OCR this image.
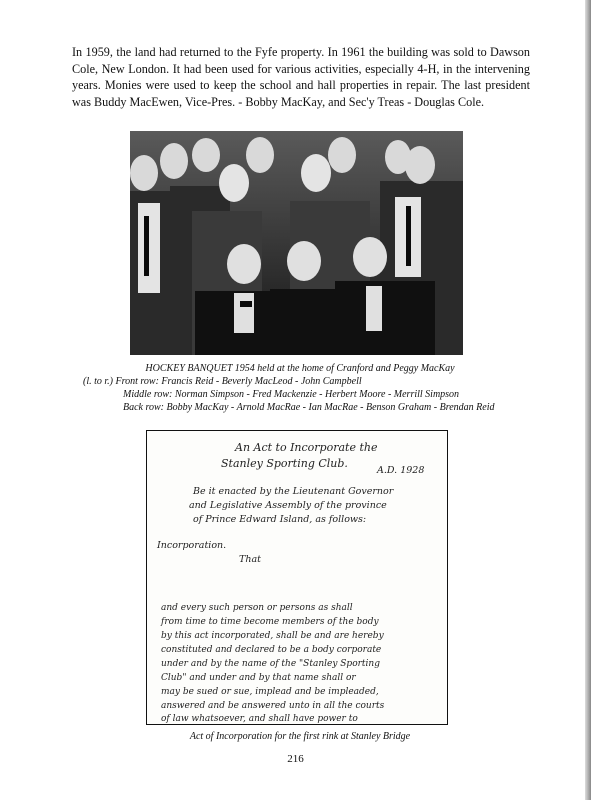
In 1959, the land had returned to the Fyfe property. In 1961 the building was sold to Dawson Cole, New London. It had been used for various activities, especially 4-H, in the intervening years. Monies were used to keep the school and hall properties in repair. The last president was Buddy MacEwen, Vice-Pres. - Bobby MacKay, and Sec'y Treas - Douglas Cole.

HOCKEY BANQUET 1954 held at the home of Cranford and Peggy MacKay

(l. to r.) Front row: Francis Reid - Beverly MacLeod - John Campbell

Middle row: Norman Simpson - Fred Mackenzie - Herbert Moore - Merrill Simpson

Back row: Bobby MacKay - Arnold MacRae - Ian MacRae - Benson Graham - Brendan Reid

An Act to Incorporate the
Stanley Sporting Club.
A.D. 1928
Be it enacted by the Lieutenant Governor
and Legislative Assembly of the province
of Prince Edward Island, as follows:
Incorporation.
That
and every such person or persons as shall
from time to time become members of the body
by this act incorporated, shall be and are hereby
constituted and declared to be a body corporate
under and by the name of the "Stanley Sporting
Club" and under and by that name shall or
may be sued or sue, implead and be impleaded,
answered and be answered unto in all the courts
of law whatsoever, and shall have power to
Act of Incorporation for the first rink at Stanley Bridge
216
